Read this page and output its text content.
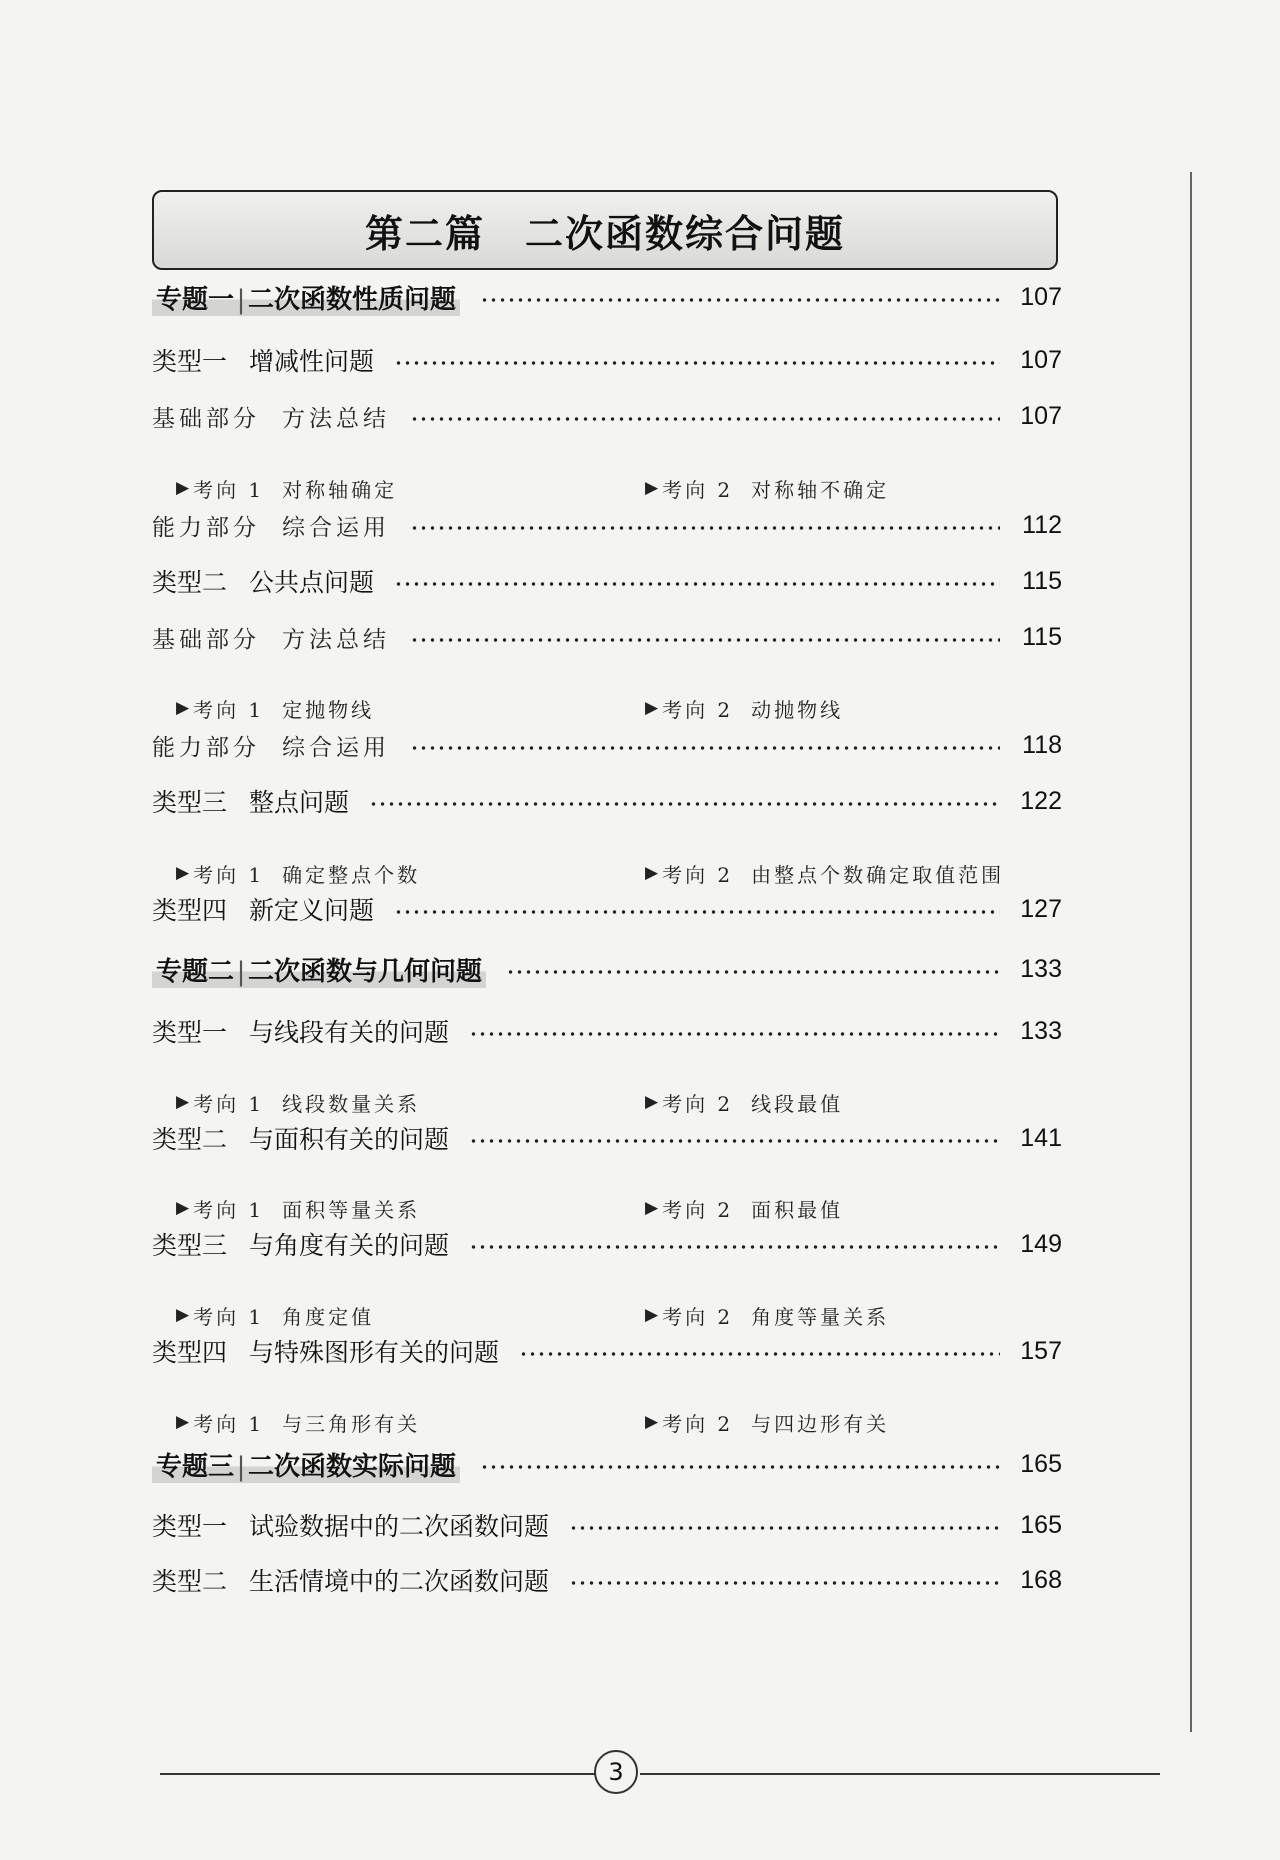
第二篇　二次函数综合问题
专题一 | 二次函数性质问题	107
类型一 增减性问题	107
基础部分 方法总结	107
▶ 考向 1 对称轴确定	▶ 考向 2 对称轴不确定
能力部分 综合运用	112
类型二 公共点问题	115
基础部分 方法总结	115
▶ 考向 1 定抛物线	▶ 考向 2 动抛物线
能力部分 综合运用	118
类型三 整点问题	122
▶ 考向 1 确定整点个数	▶ 考向 2 由整点个数确定取值范围
类型四 新定义问题	127
专题二 | 二次函数与几何问题	133
类型一 与线段有关的问题	133
▶ 考向 1 线段数量关系	▶ 考向 2 线段最值
类型二 与面积有关的问题	141
▶ 考向 1 面积等量关系	▶ 考向 2 面积最值
类型三 与角度有关的问题	149
▶ 考向 1 角度定值	▶ 考向 2 角度等量关系
类型四 与特殊图形有关的问题	157
▶ 考向 1 与三角形有关	▶ 考向 2 与四边形有关
专题三 | 二次函数实际问题	165
类型一 试验数据中的二次函数问题	165
类型二 生活情境中的二次函数问题	168
3
